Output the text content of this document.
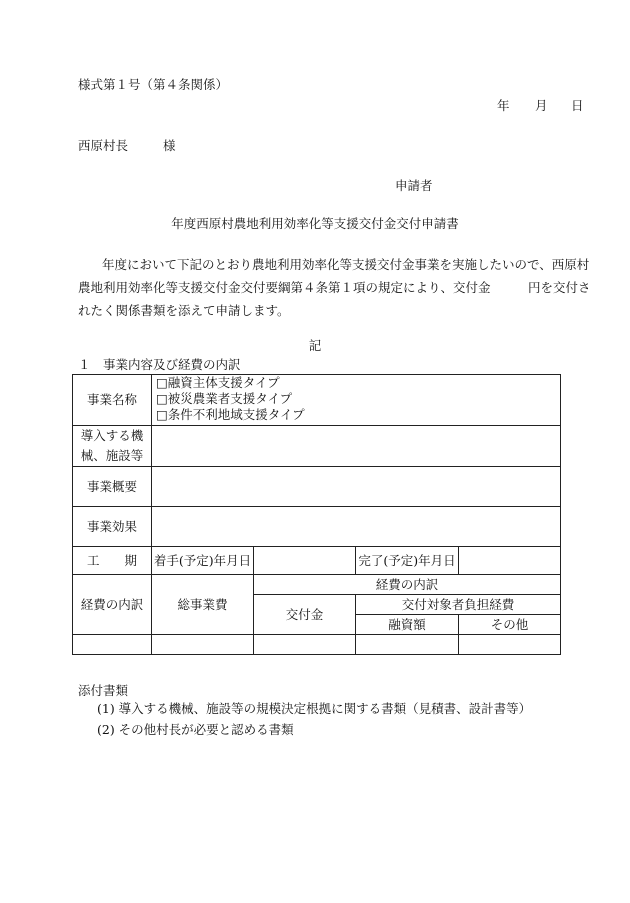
様式第１号（第４条関係）
年 月 日
西原村長	様
申請者
年度西原村農地利用効率化等支援交付金交付申請書

年度において下記のとおり農地利用効率化等支援交付金事業を実施したいので、西原村

農地利用効率化等支援交付金交付要綱第４条第１項の規定により、交付金　　　円を交付さ

れたく関係書類を添えて申請します。

記
１　事業内容及び経費の内訳
事業名称	□融資主体支援タイプ
□被災農業者支援タイプ
□条件不利地域支援タイプ			

導入する機
械、施設等				
事業概要				
事業効果				
工　　期	着手(予定)年月日		完了(予定)年月日	
経費の内訳	総事業費	経費の内訳		
		交付金	交付対象者負担経費	
			融資額	その他

添付書類
(1) 導入する機械、施設等の規模決定根拠に関する書類（見積書、設計書等）
(2) その他村長が必要と認める書類
